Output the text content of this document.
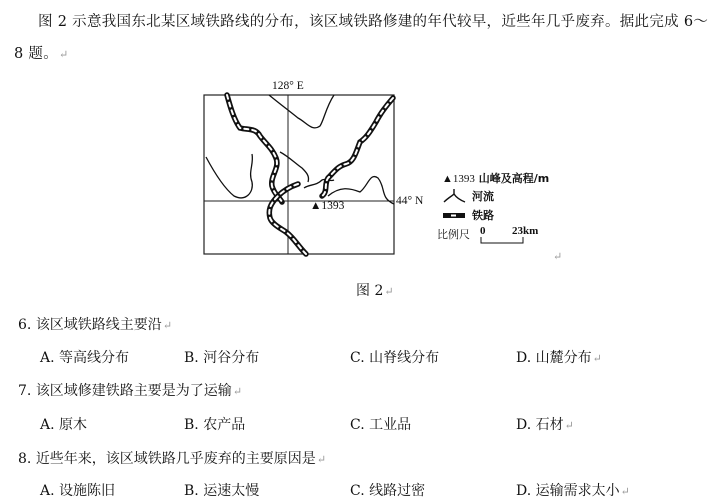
图 2 示意我国东北某区域铁路线的分布，该区域铁路修建的年代较早，近些年几乎废弃。据此完成 6～
8 题。↵
128° E
▲1393	44° N
▲1393 山峰及高程/m
河流
铁路
比例尺 0 23km
↵
图 2↵
6. 该区域铁路线主要沿↵
A. 等高线分布	B. 河谷分布	C. 山脊线分布	D. 山麓分布↵
7. 该区域修建铁路主要是为了运输↵
A. 原木	B. 农产品	C. 工业品	D. 石材↵
8. 近些年来，该区域铁路几乎废弃的主要原因是↵
A. 设施陈旧	B. 运速太慢	C. 线路过密	D. 运输需求太小↵
